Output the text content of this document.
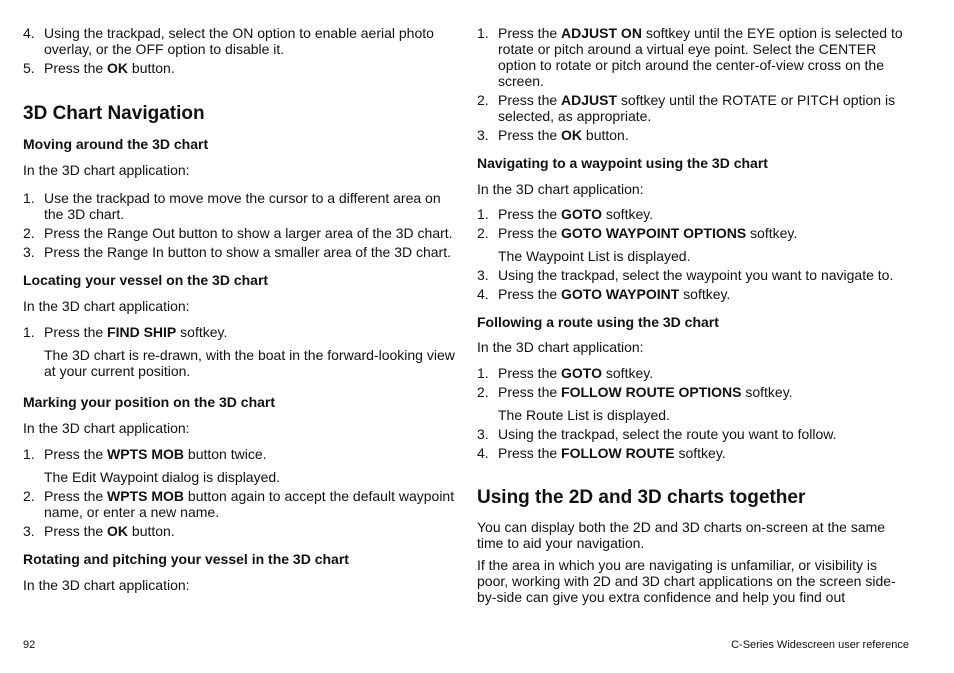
4. Using the trackpad, select the ON option to enable aerial photo overlay, or the OFF option to disable it.
5. Press the OK button.
3D Chart Navigation
Moving around the 3D chart

In the 3D chart application:

1. Use the trackpad to move move the cursor to a different area on the 3D chart.
2. Press the Range Out button to show a larger area of the 3D chart.
3. Press the Range In button to show a smaller area of the 3D chart.
Locating your vessel on the 3D chart

In the 3D chart application:

1. Press the FIND SHIP softkey.

The 3D chart is re-drawn, with the boat in the forward-looking view at your current position.

Marking your position on the 3D chart

In the 3D chart application:

1. Press the WPTS MOB button twice.

The Edit Waypoint dialog is displayed.

2. Press the WPTS MOB button again to accept the default waypoint name, or enter a new name.
3. Press the OK button.
Rotating and pitching your vessel in the 3D chart

In the 3D chart application:

1. Press the ADJUST ON softkey until the EYE option is selected to rotate or pitch around a virtual eye point. Select the CENTER option to rotate or pitch around the center-of-view cross on the screen.
2. Press the ADJUST softkey until the ROTATE or PITCH option is selected, as appropriate.
3. Press the OK button.
Navigating to a waypoint using the 3D chart

In the 3D chart application:

1. Press the GOTO softkey.
2. Press the GOTO WAYPOINT OPTIONS softkey.

The Waypoint List is displayed.

3. Using the trackpad, select the waypoint you want to navigate to.
4. Press the GOTO WAYPOINT softkey.
Following a route using the 3D chart

In the 3D chart application:

1. Press the GOTO softkey.
2. Press the FOLLOW ROUTE OPTIONS softkey.

The Route List is displayed.

3. Using the trackpad, select the route you want to follow.
4. Press the FOLLOW ROUTE softkey.
Using the 2D and 3D charts together

You can display both the 2D and 3D charts on-screen at the same time to aid your navigation.

If the area in which you are navigating is unfamiliar, or visibility is poor, working with 2D and 3D chart applications on the screen side-by-side can give you extra confidence and help you find out

92	C-Series Widescreen user reference
